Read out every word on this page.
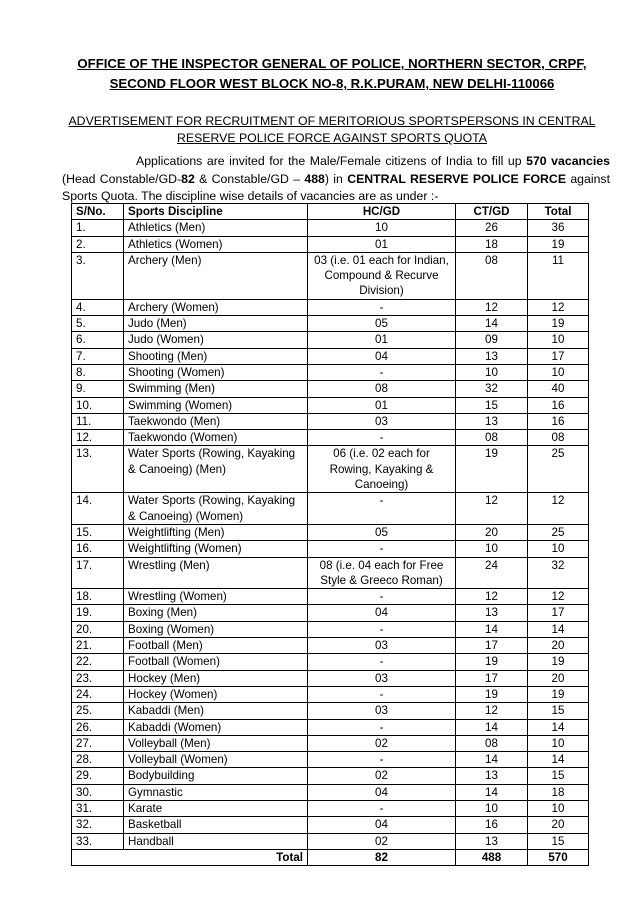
OFFICE OF THE INSPECTOR GENERAL OF POLICE, NORTHERN SECTOR, CRPF,
SECOND FLOOR WEST BLOCK NO-8, R.K.PURAM, NEW DELHI-110066
ADVERTISEMENT FOR RECRUITMENT OF MERITORIOUS SPORTSPERSONS IN CENTRAL
RESERVE POLICE FORCE AGAINST SPORTS QUOTA
Applications are invited for the Male/Female citizens of India to fill up 570 vacancies
(Head Constable/GD-82 & Constable/GD – 488) in CENTRAL RESERVE POLICE FORCE against
Sports Quota. The discipline wise details of vacancies are as under :-
S/No.	Sports Discipline	HC/GD	CT/GD	Total
1.	Athletics (Men)	10	26	36
2.	Athletics (Women)	01	18	19
3.	Archery (Men)	03 (i.e. 01 each for Indian, Compound & Recurve Division)	08	11
4.	Archery (Women)	-	12	12
5.	Judo (Men)	05	14	19
6.	Judo (Women)	01	09	10
7.	Shooting (Men)	04	13	17
8.	Shooting (Women)	-	10	10
9.	Swimming (Men)	08	32	40
10.	Swimming (Women)	01	15	16
11.	Taekwondo (Men)	03	13	16
12.	Taekwondo (Women)	-	08	08
13.	Water Sports (Rowing, Kayaking & Canoeing) (Men)	06 (i.e. 02 each for Rowing, Kayaking & Canoeing)	19	25
14.	Water Sports (Rowing, Kayaking & Canoeing) (Women)	-	12	12
15.	Weightlifting (Men)	05	20	25
16.	Weightlifting (Women)	-	10	10
17.	Wrestling (Men)	08 (i.e. 04 each for Free Style & Greeco Roman)	24	32
18.	Wrestling (Women)	-	12	12
19.	Boxing (Men)	04	13	17
20.	Boxing (Women)	-	14	14
21.	Football (Men)	03	17	20
22.	Football (Women)	-	19	19
23.	Hockey (Men)	03	17	20
24.	Hockey (Women)	-	19	19
25.	Kabaddi (Men)	03	12	15
26.	Kabaddi (Women)	-	14	14
27.	Volleyball (Men)	02	08	10
28.	Volleyball (Women)	-	14	14
29.	Bodybuilding	02	13	15
30.	Gymnastic	04	14	18
31.	Karate	-	10	10
32.	Basketball	04	16	20
33.	Handball	02	13	15
Total		82	488	570
